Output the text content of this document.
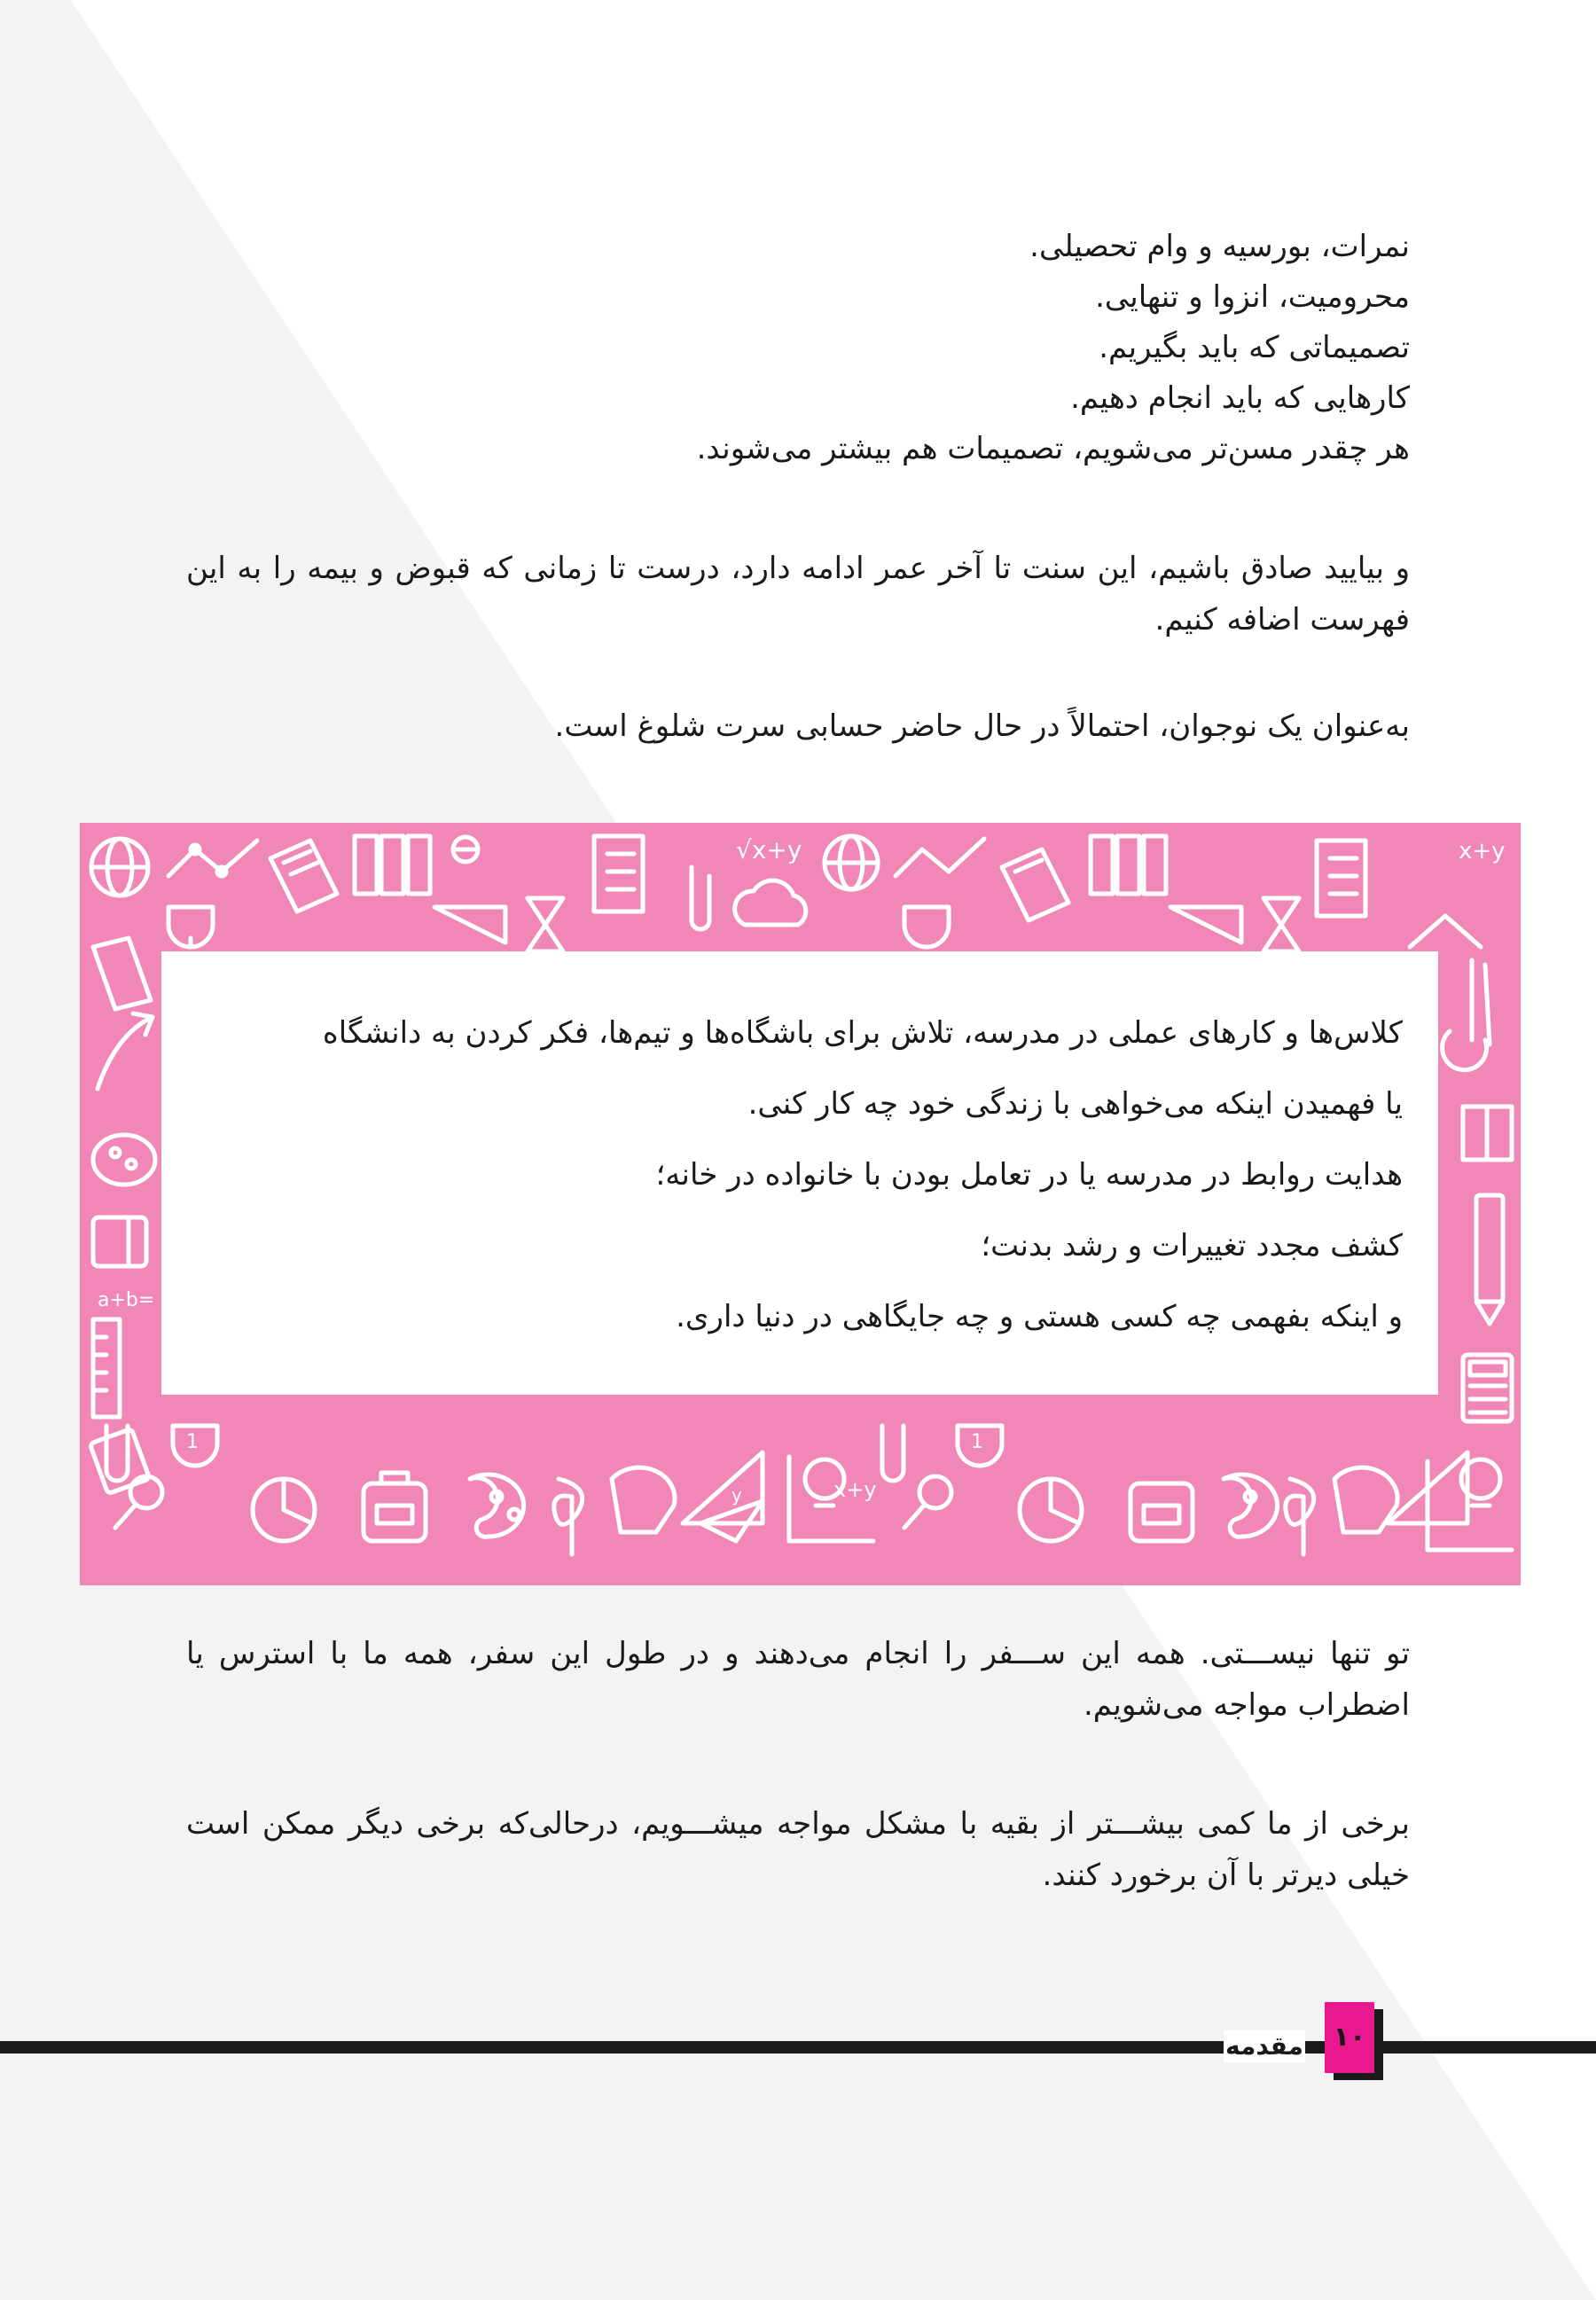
نمرات، بورسیه و وام تحصیلی.
محرومیت، انزوا و تنهایی.
تصمیماتی که باید بگیریم.
کارهایی که باید انجام دهیم.
هر چقدر مسن‌تر می‌شویم، تصمیمات هم بیشتر می‌شوند.
و بیایید صادق باشیم، این سنت تا آخر عمر ادامه دارد، درست تا زمانی که قبوض و بیمه را به این فهرست اضافه کنیم.
به‌عنوان یک نوجوان، احتمالاً در حال حاضر حسابی سرت شلوغ است.
√x+y	x+y
a+b=
1
y	x+y
1
کلاس‌ها و کارهای عملی در مدرسه، تلاش برای باشگاه‌ها و تیم‌ها، فکر کردن به دانشگاه
یا فهمیدن اینکه می‌خواهی با زندگی خود چه کار کنی.
هدایت روابط در مدرسه یا در تعامل بودن با خانواده در خانه؛
کشف مجدد تغییرات و رشد بدنت؛
و اینکه بفهمی چه کسی هستی و چه جایگاهی در دنیا داری.
تو تنها نیســـتی. همه این ســـفر را انجام می‌دهند و در طول این سفر، همه ما با استرس یا اضطراب مواجه می‌شویم.
برخی از ما کمی بیشـــتر از بقیه با مشکل مواجه میشـــویم، درحالی‌که برخی دیگر ممکن است خیلی دیرتر با آن برخورد کنند.
مقدمه	۱۰
